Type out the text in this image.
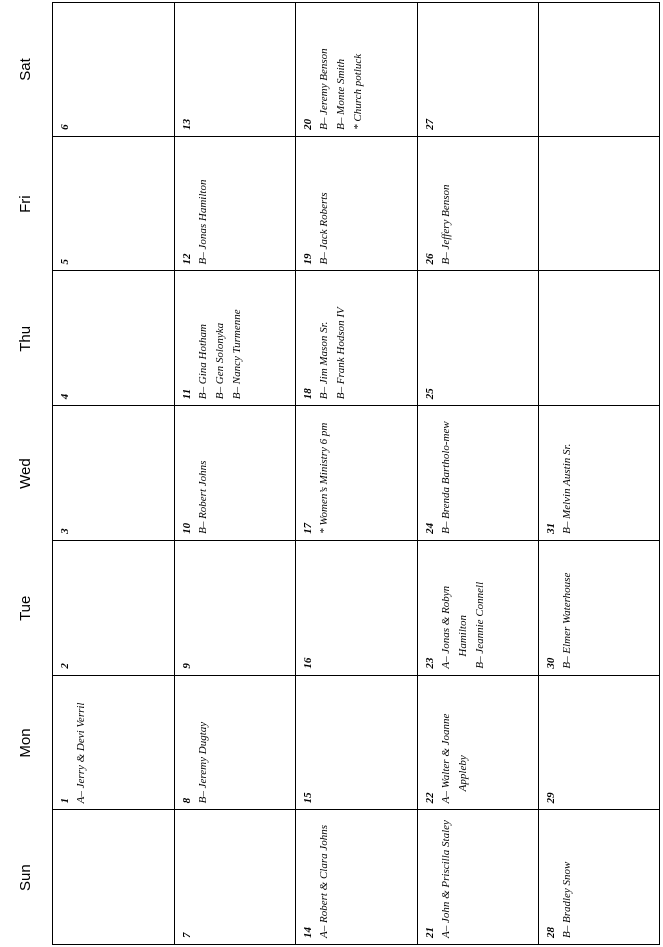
Sun
Mon
Tue
Wed
Thu
Fri
Sat
1 A– Jerry & Devi Verril
2
3
4
5
6
7
8 B– Jeremy Dugtay
9
10 B– Robert Johns
11 B– Gina Hotham B– Gen Solonyka B– Nancy Turmenne
12 B– Jonas Hamilton
13
14 A– Robert & Clara Johns
15
16
17 * Women’s Ministry 6 pm
18 B– Jim Mason Sr. B– Frank Hodson IV
19 B– Jack Roberts
20 B– Jeremy Benson B– Monte Smith * Church potluck
21 A– John & Priscilla Staley
22 A– Walter & Joanne Appleby
23 A– Jonas & Robyn Hamilton B– Jeannie Connell
24 B– Brenda Bartholo-mew
25
26 B– Jeffery Benson
27
28 B– Bradley Snow
29
30 B– Elmer Waterhouse
31 B– Melvin Austin Sr.
